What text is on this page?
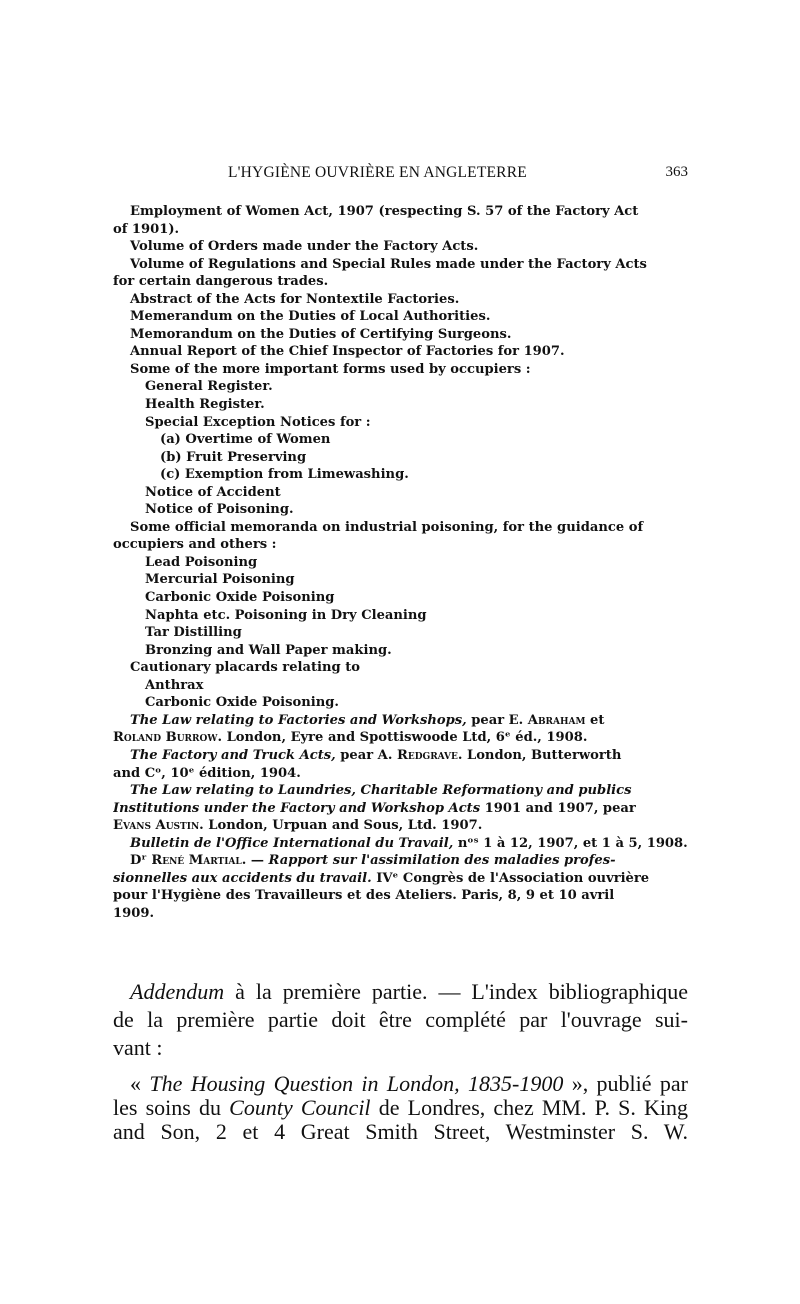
L'HYGIÈNE OUVRIÈRE EN ANGLETERRE	363
Employment of Women Act, 1907 (respecting S. 57 of the Factory Act
of 1901).
Volume of Orders made under the Factory Acts.
Volume of Regulations and Special Rules made under the Factory Acts
for certain dangerous trades.
Abstract of the Acts for Nontextile Factories.
Memerandum on the Duties of Local Authorities.
Memorandum on the Duties of Certifying Surgeons.
Annual Report of the Chief Inspector of Factories for 1907.
Some of the more important forms used by occupiers :
General Register.
Health Register.
Special Exception Notices for :
(a) Overtime of Women
(b) Fruit Preserving
(c) Exemption from Limewashing.
Notice of Accident
Notice of Poisoning.
Some official memoranda on industrial poisoning, for the guidance of
occupiers and others :
Lead Poisoning
Mercurial Poisoning
Carbonic Oxide Poisoning
Naphta etc. Poisoning in Dry Cleaning
Tar Distilling
Bronzing and Wall Paper making.
Cautionary placards relating to
Anthrax
Carbonic Oxide Poisoning.
The Law relating to Factories and Workshops, pear E. Abraham et
Roland Burrow. London, Eyre and Spottiswoode Ltd, 6ᵉ éd., 1908.
The Factory and Truck Acts, pear A. Redgrave. London, Butterworth
and Cᵒ, 10ᵉ édition, 1904.
The Law relating to Laundries, Charitable Reformationy and publics
Institutions under the Factory and Workshop Acts 1901 and 1907, pear
Evans Austin. London, Urpuan and Sous, Ltd. 1907.
Bulletin de l'Office International du Travail, nᵒˢ 1 à 12, 1907, et 1 à 5, 1908.
Dʳ René Martial. — Rapport sur l'assimilation des maladies profes-
sionnelles aux accidents du travail. IVᵉ Congrès de l'Association ouvrière
pour l'Hygiène des Travailleurs et des Ateliers. Paris, 8, 9 et 10 avril
1909.
Addendum à la première partie. — L'index bibliographique
de la première partie doit être complété par l'ouvrage sui-
vant :
« The Housing Question in London, 1835-1900 », publié par
les soins du County Council de Londres, chez MM. P. S. King
and Son, 2 et 4 Great Smith Street, Westminster S. W.
